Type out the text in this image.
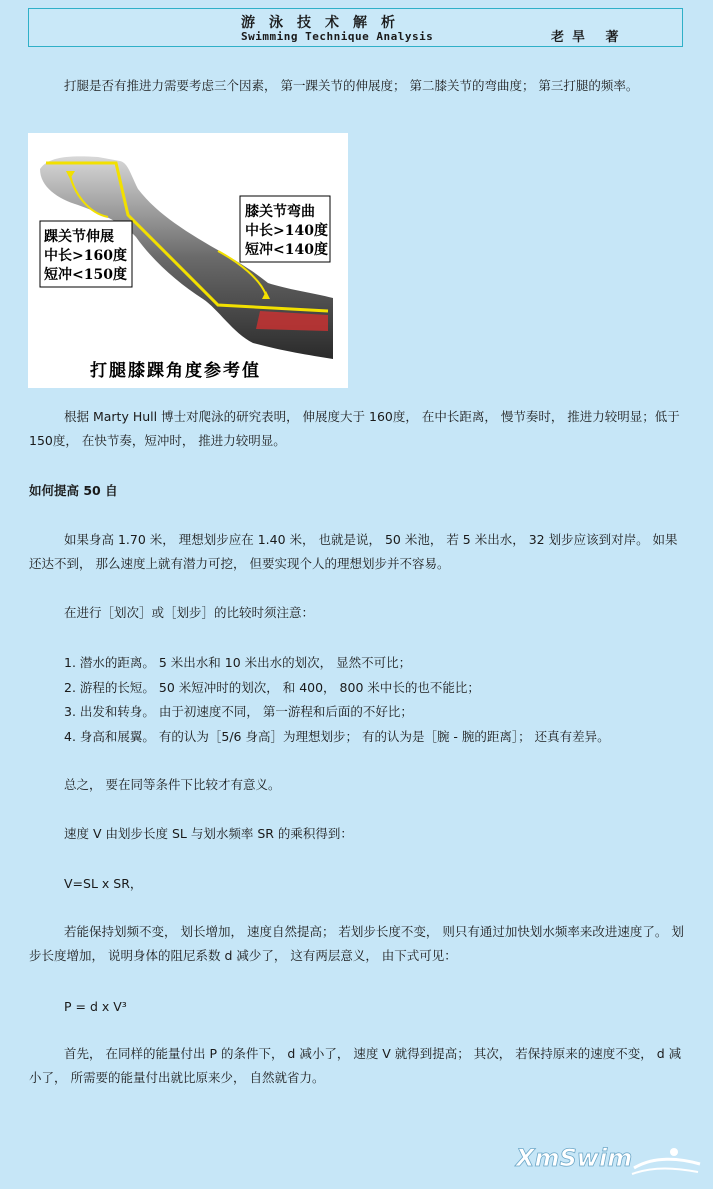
游泳技术解析
Swimming Technique Analysis	老旱 著

打腿是否有推进力需要考虑三个因素， 第一踝关节的伸展度； 第二膝关节的弯曲度； 第三打腿的频率。

膝关节弯曲
中长>140度
短冲<140度
踝关节伸展
中长>160度
短冲<150度
打腿膝踝角度参考值

根据 Marty Hull 博士对爬泳的研究表明， 伸展度大于 160度， 在中长距离， 慢节奏时， 推进力较明显；低于 150度， 在快节奏，短冲时， 推进力较明显。

如何提高 50 自

如果身高 1.70 米， 理想划步应在 1.40 米， 也就是说， 50 米池， 若 5 米出水， 32 划步应该到对岸。 如果还达不到， 那么速度上就有潜力可挖， 但要实现个人的理想划步并不容易。

在进行［划次］或［划步］的比较时须注意：

1. 潜水的距离。 5 米出水和 10 米出水的划次， 显然不可比；

2. 游程的长短。 50 米短冲时的划次， 和 400， 800 米中长的也不能比；

3. 出发和转身。 由于初速度不同， 第一游程和后面的不好比；

4. 身高和展翼。 有的认为［5/6 身高］为理想划步； 有的认为是［腕 - 腕的距离］； 还真有差异。

总之， 要在同等条件下比较才有意义。

速度 V 由划步长度 SL 与划水频率 SR 的乘积得到：

V=SL x SR，

若能保持划频不变， 划长增加， 速度自然提高； 若划步长度不变， 则只有通过加快划水频率来改进速度了。 划步长度增加， 说明身体的阻尼系数 d 减少了， 这有两层意义， 由下式可见：

P = d x V³

首先， 在同样的能量付出 P 的条件下， d 减小了， 速度 V 就得到提高； 其次， 若保持原来的速度不变， d 减小了， 所需要的能量付出就比原来少， 自然就省力。

XmSwim
